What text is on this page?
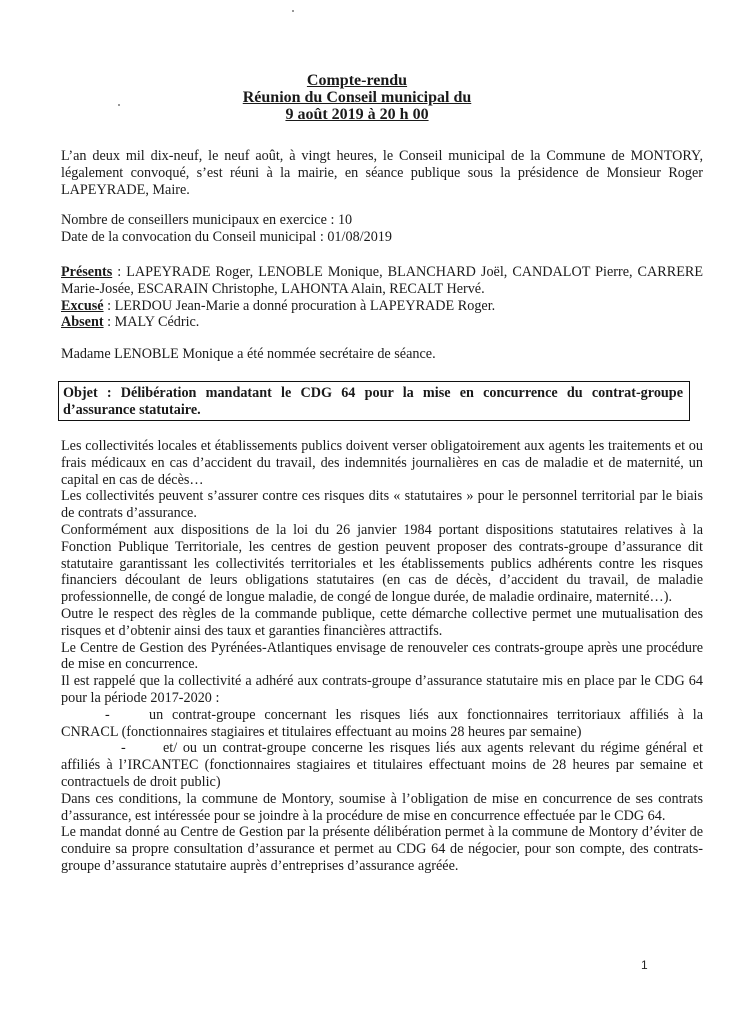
Compte-rendu
Réunion du Conseil municipal du
9 août 2019 à 20 h 00
L’an deux mil dix-neuf, le neuf août, à vingt heures, le Conseil municipal de la Commune de MONTORY, légalement convoqué, s’est réuni à la mairie, en séance publique sous la présidence de Monsieur Roger LAPEYRADE, Maire.
Nombre de conseillers municipaux en exercice : 10
Date de la convocation du Conseil municipal : 01/08/2019
Présents : LAPEYRADE Roger, LENOBLE Monique, BLANCHARD Joël, CANDALOT Pierre, CARRERE Marie-Josée, ESCARAIN Christophe, LAHONTA Alain, RECALT Hervé.
Excusé : LERDOU Jean-Marie a donné procuration à LAPEYRADE Roger.
Absent : MALY Cédric.
Madame LENOBLE Monique a été nommée secrétaire de séance.
Objet : Délibération mandatant le CDG 64 pour la mise en concurrence du contrat-groupe d’assurance statutaire.
Les collectivités locales et établissements publics doivent verser obligatoirement aux agents les traitements et ou frais médicaux en cas d’accident du travail, des indemnités journalières en cas de maladie et de maternité, un capital en cas de décès…
Les collectivités peuvent s’assurer contre ces risques dits « statutaires » pour le personnel territorial par le biais de contrats d’assurance.
Conformément aux dispositions de la loi du 26 janvier 1984 portant dispositions statutaires relatives à la Fonction Publique Territoriale, les centres de gestion peuvent proposer des contrats-groupe d’assurance dit statutaire garantissant les collectivités territoriales et les établissements publics adhérents contre les risques financiers découlant de leurs obligations statutaires (en cas de décès, d’accident du travail, de maladie professionnelle, de congé de longue maladie, de congé de longue durée, de maladie ordinaire, maternité…).
Outre le respect des règles de la commande publique, cette démarche collective permet une mutualisation des risques et d’obtenir ainsi des taux et garanties financières attractifs.
Le Centre de Gestion des Pyrénées-Atlantiques envisage de renouveler ces contrats-groupe après une procédure de mise en concurrence.
Il est rappelé que la collectivité a adhéré aux contrats-groupe d’assurance statutaire mis en place par le CDG 64 pour la période 2017-2020 :
-	un contrat-groupe concernant les risques liés aux fonctionnaires territoriaux affiliés à la CNRACL (fonctionnaires stagiaires et titulaires effectuant au moins 28 heures par semaine)
-	et/ ou un contrat-groupe concerne les risques liés aux agents relevant du régime général et affiliés à l’IRCANTEC (fonctionnaires stagiaires et titulaires effectuant moins de 28 heures par semaine et contractuels de droit public)
Dans ces conditions, la commune de Montory, soumise à l’obligation de mise en concurrence de ses contrats d’assurance, est intéressée pour se joindre à la procédure de mise en concurrence effectuée par le CDG 64.
Le mandat donné au Centre de Gestion par la présente délibération permet à la commune de Montory d’éviter de conduire sa propre consultation d’assurance et permet au CDG 64 de négocier, pour son compte, des contrats-groupe d’assurance statutaire auprès d’entreprises d’assurance agréée.
1
